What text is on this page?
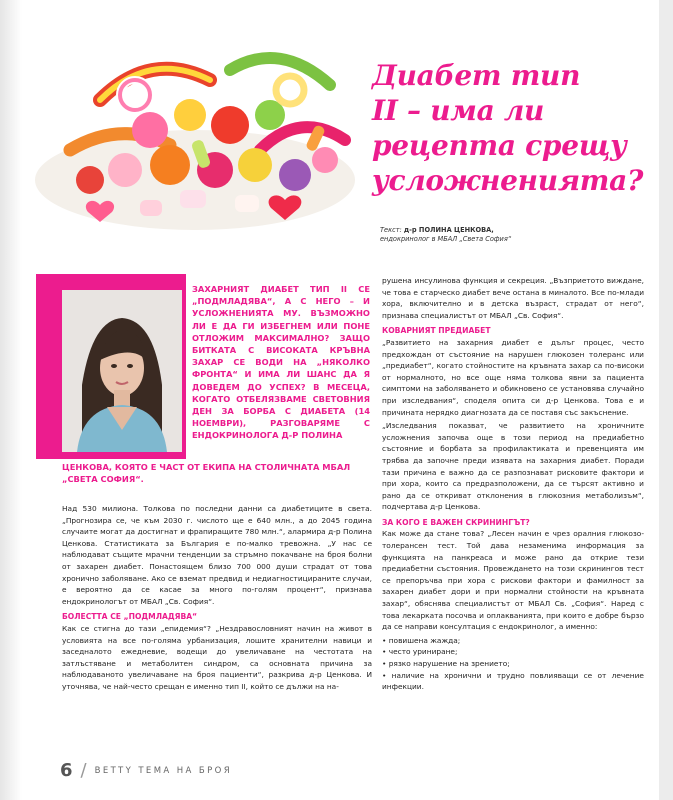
Диабет тип
II – има ли
рецепта срещу
усложненията?
Текст: д-р ПОЛИНА ЦЕНКОВА,
ендокринолог в МБАЛ „Света София“

ЗАХАРНИЯТ ДИАБЕТ ТИП II СЕ „ПОДМЛАДЯВА“, А С НЕГО – И УСЛОЖНЕНИЯТА МУ. ВЪЗМОЖНО ЛИ Е ДА ГИ ИЗБЕГНЕМ ИЛИ ПОНЕ ОТЛОЖИМ МАКСИМАЛНО? ЗАЩО БИТКАТА С ВИСОКАТА КРЪВНА ЗАХАР СЕ ВОДИ НА „НЯКОЛКО ФРОНТА“ И ИМА ЛИ ШАНС ДА Я ДОВЕДЕМ ДО УСПЕХ? В МЕСЕЦА, КОГАТО ОТБЕЛЯЗВАМЕ СВЕТОВНИЯ ДЕН ЗА БОРБА С ДИАБЕТА (14 НОЕМВРИ), РАЗГОВАРЯМЕ С ЕНДОКРИНОЛОГА Д-Р ПОЛИНА

ЦЕНКОВА, КОЯТО Е ЧАСТ ОТ ЕКИПА НА СТОЛИЧНАТА МБАЛ „СВЕТА СОФИЯ“.

Над 530 милиона. Толкова по последни данни са диабетиците в света. „Прогнозира се, че към 2030 г. числото ще е 640 млн., а до 2045 година случаите могат да достигнат и фрапиращите 780 млн.“, алармира д-р Полина Ценкова. Статистиката за България е по-малко тревожна. „У нас се наблюдават същите мрачни тенденции за стръмно покачване на броя болни от захарен диабет. Понастоящем близо 700 000 души страдат от това хронично заболяване. Ако се вземат предвид и недиагностицираните случаи, е вероятно да се касае за много по-голям процент“, признава ендокринологът от МБАЛ „Св. София“.

БОЛЕСТТА СЕ „ПОДМЛАДЯВА“

Как се стигна до тази „епидемия“? „Нездравословният начин на живот в условията на все по-голяма урбанизация, лошите хранителни навици и заседналото ежедневие, водещи до увеличаване на честотата на затлъстяване и метаболитен синдром, са основната причина за наблюдаваното увеличаване на броя пациенти“, разкрива д-р Ценкова. И уточнява, че най-често срещан е именно тип II, който се дължи на на-

рушена инсулинова функция и секреция. „Възприетото виждане, че това е старческо диабет вече остана в миналото. Все по-млади хора, включително и в детска възраст, страдат от него“, признава специалистът от МБАЛ „Св. София“.

КОВАРНИЯТ ПРЕДИАБЕТ

„Развитието на захарния диабет е дълъг процес, често предхождан от състояние на нарушен глюкозен толеранс или „предиабет“, когато стойностите на кръвната захар са по-високи от нормалното, но все още няма толкова явни за пациента симптоми на заболяването и обикновено се установява случайно при изследвания“, споделя опита си д-р Ценкова. Това е и причината нерядко диагнозата да се поставя със закъснение.

„Изследвания показват, че развитието на хроничните усложнения започва още в този период на предиабетно състояние и борбата за профилактиката и превенцията им трябва да започне преди изявата на захарния диабет. Поради тази причина е важно да се разпознават рисковите фактори и при хора, които са предразположени, да се търсят активно и рано да се откриват отклонения в глюкозния метаболизъм“, подчертава д-р Ценкова.

ЗА КОГО Е ВАЖЕН СКРИНИНГЪТ?

Как може да стане това? „Лесен начин е чрез оралния глюкозо-толерансен тест. Той дава незаменима информация за функцията на панкреаса и може рано да открие тези предиабетни състояния. Провеждането на този скринингов тест се препоръчва при хора с рискови фактори и фамилност за захарен диабет дори и при нормални стойности на кръвната захар“, обяснява специалистът от МБАЛ Св. „София“. Наред с това лекарката посочва и оплакванията, при които е добре бързо да се направи консултация с ендокринолог, а именно:

• повишена жажда;
• често уриниране;
• рязко нарушение на зрението;
• наличие на хронични и трудно повлияващи се от лечение инфекции.
6 / BETTY ТЕМА НА БРОЯ
